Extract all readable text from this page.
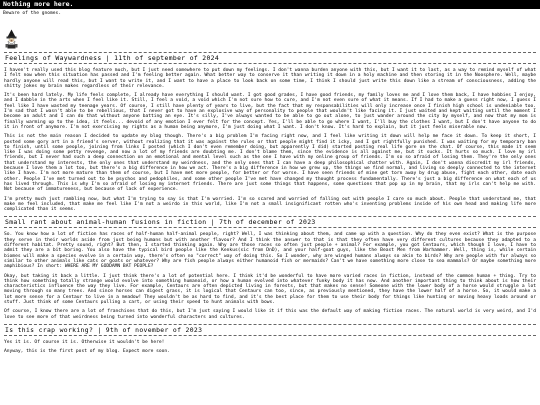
Nothing more here.
Beware of the gnomes.
Feelings of Waywardness | 11th of september of 2024

I haven't really used this blog feature much, but I just need somewhere to put down my feelings. I don't wanna burden anyone with this, but I want it to last, as a way to remind myself of what I felt now when this situation has passed and I'm feeling better again. What better way to conserve it than writing it down in a holy machine and then storing it in the Noosphere. Well, maybe hardly anyone will read this, but I want to write it, and I want to have a place to look back on some time, I think I should just write this down like a stream of consciousness, adding the shitty jokes my brain makes regardless of their relevance.

It's been hard lately. My life feels complete, I already have everything I should want. I got good grades, I have good friends, my family loves me and I love them back, I have hobbies I enjoy, and I dabble in the arts when I feel like it. Still, I feel a void, a void which I'm not sure how to cure, and I'm not even sure of what it means. If I had to make a guess right now, I guess I feel like I have wasted my teenage years. Of course, I still have plenty of years to live, but the fact that my responsabilities will only increase once I finish high school is undeniable too. I'm sad that I wasn't able to be rebellious, that I never got to have an explosive way of personality to people that wouldn't like facing it. I just waited and kept waiting until the moment I become an adult and I can do that without anyone batting an eye. It's silly, I've always wanted to be able to go out alone, to just wander around the city by myself, and now that my mom is finally warming up to the idea, it feels... devoid of any emotion I ever felt for the concept. Yes, I'll be able to go where I want, I'll buy the clothes I want, but I don't have anyone to do it in front of anymore. I'm not exercising my rights as a human being anymore, I'm just doing what I want. I don't know. It's hard to explain, but it just feels miserable now.

This is not the main reason I decided to update my blog though. There's a big problem I'm facing right now, and I feel like writing it down will help me face it down. To keep it short, I posted some gory art in a friend's server, without realizing that it was against the rules or that people might find it icky, and I got rightfully punished. I was waiting for my temporary ban to finish, until some people, joining from links I posted (which I don't even remember doing, but apparently I did) started posting real life gore on the chat. Of course, this made it seem like I was doing some petty revenge, and now a lot of my friends are doubting me. I don't blame them, since the evidence is all against me, but it sucks. It hurts so much. I love my irl friends, but I never had such a deep connection on an emotional and mental level such as the one I have with my online group of friends. I'm so so afraid of losing them. They're the only ones that understand my interests, the only ones that understand my weirdness, and the only ones that I can have a deep philosophical chatter with. Again, I don't wanna discredit my irl friends, because I love them a lot too, but there's a big difference in how we act. There's a big difference in how we grew up, the things we find normal, and living so deeply connected to the internet like I have. I'm not more mature than them of course, but I have met more people, for better or for worse. I have seen friends of mine get torn away by drug abuse, fight each other, date each other. People I've met turned out to be psychos and pedophiles, and some other people I've met have changed my thought process fundamentally. There's just a big difference on what each of us has lived through. This is why I'm so afraid of losing my internet friends. There are just some things that happens, some questions that pop up in my brain, that my irls can't help me with. Not because of immatureness, but because of lack of experience.

I'm pretty much just rambling now, but what I'm trying to say is that I'm worried. I'm so scared and worried of falling out with people I care so much about. People that understand me, that make me feel included, that make me feel like I'm not a weirdo in this world, like I'm not a small insignificant rotten who's inventing problems inside of his own head and making life more complicated than it seems.

Small rant about animal-human fusions in fiction | 7th of december of 2023

So. You know how a lot of fiction has races of half-human half-animal people, right? Well, I was thinking about them, and came up with a question. Why do they even exist? What is the purpose they serve in their worlds aside from just being humans but with another flavour? And I think the answer to that is that they often have very different cultures because they adapted to a different habitat. Pretty sound, right? But then, I started thinking again. Why are those races so often just people + animal? For example, you got Centaurs, which though I love, I have to admit they are a bit boring. You also have the typical bird people like the Kenkus(sic from DnD), and your half-goat guys, like the Beast Men from Warhammer. Well, thing is, while certain biomes will make a species evolve in a certain way, there's often no "correct" way of doing this. So I wonder, why are winged humans always so akin to birds? Why are people with fur always so similar to other animals like cats or goats or whatever? Why are fish people always either humanoid fish or mermaids? Can't we have something more close to sea mammals? Or maybe something more amphibious? In short: WHERE ARE MY GODDAMN BAT PEOPLE?

Okay, but taking it back a little. I just think there's a lot of potential here. I think it'd be wonderful to have more varied races in fiction, instead of the common human + thing. Try to think how something totally strange would evolve into something humanoid, or how a human evolved into whatever funky body it has now. And another important thing to think about is how their characteristics influence the way they live. For example, Centaurs are often depicted living in forests, but that makes no sense! Someone with the lower body of a horse would struggle a lot moving through so many trees. And since horses can digest grass, it is logical that Centaurs can too, since, as previously mentioned, they have the lower half of a horse. So, it would make a lot more sense for a Centaur to live in a meadow! They wouldn't be as hard to find, and it's the best place for them to use their body for things like hunting or moving heavy loads around or stuff. Just think of some Centaurs pulling a cart, or using their speed to hunt animals with bows.

Of course, I know there are a lot of franchises that do this, but I'm just saying I would like it if this was the default way of making fiction races. The natural world is very weird, and I'd love to see more of that weirdness being turned into wonderful characters and cultures.

Is this crap working? | 9th of november of 2023

Yes it is. Of course it is. Otherwise it wouldn't be here!

Anyway, this is the first post of my blog. Expect more soon.
